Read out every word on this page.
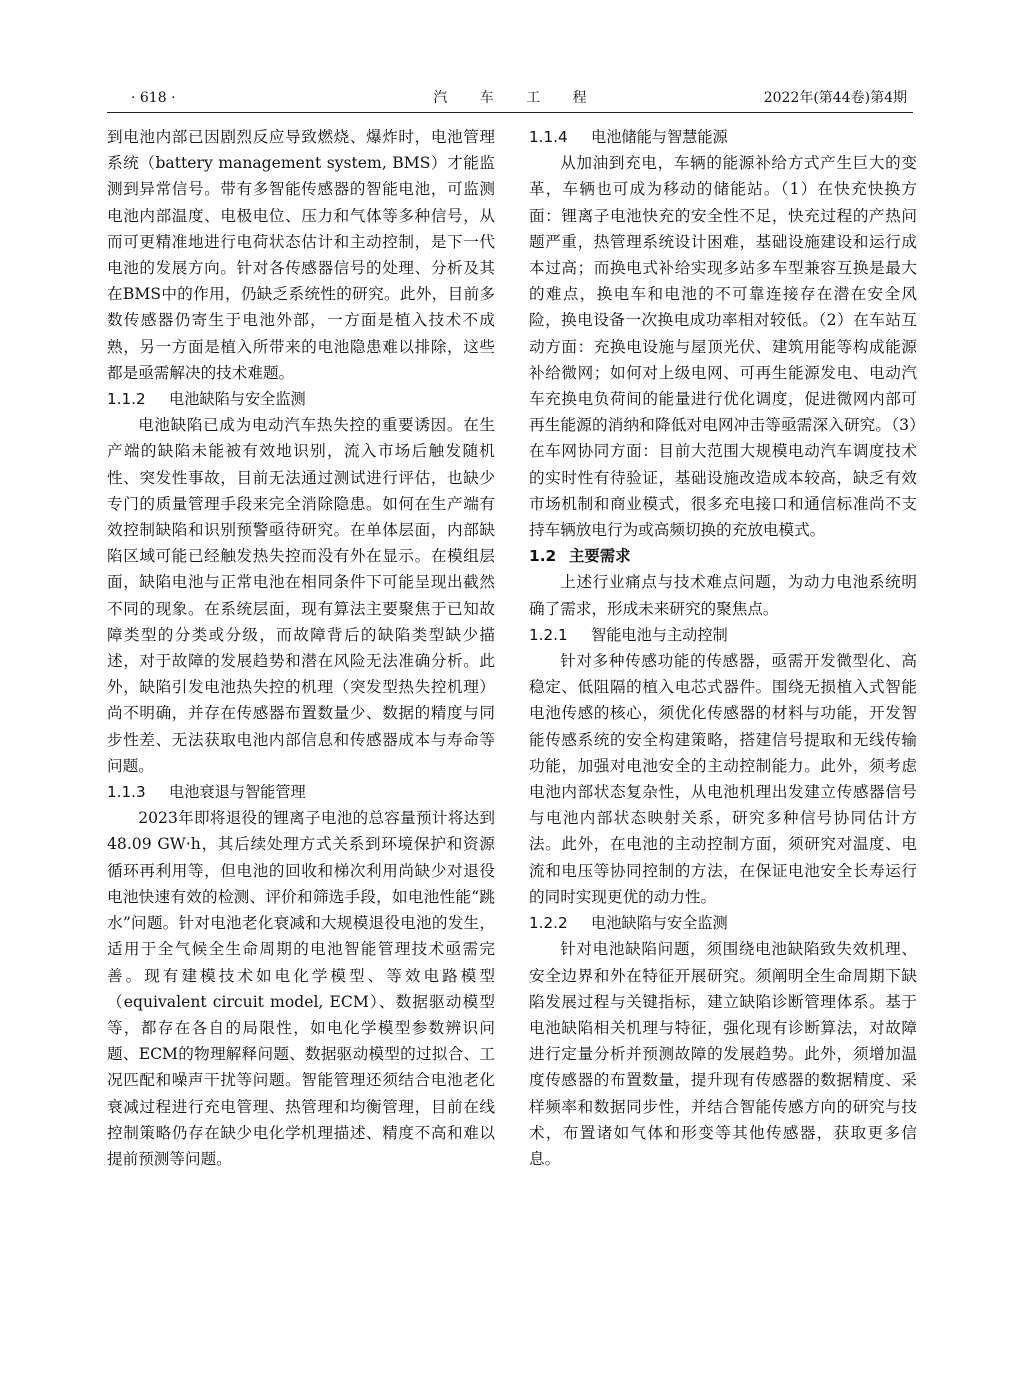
· 618 ·	汽 车 工 程	2022年(第44卷)第4期

到电池内部已因剧烈反应导致燃烧、爆炸时，电池管理系统（battery management system, BMS）才能监测到异常信号。带有多智能传感器的智能电池，可监测电池内部温度、电极电位、压力和气体等多种信号，从而可更精准地进行电荷状态估计和主动控制，是下一代电池的发展方向。针对各传感器信号的处理、分析及其在BMS中的作用，仍缺乏系统性的研究。此外，目前多数传感器仍寄生于电池外部，一方面是植入技术不成熟，另一方面是植入所带来的电池隐患难以排除，这些都是亟需解决的技术难题。

1.1.2 电池缺陷与安全监测

电池缺陷已成为电动汽车热失控的重要诱因。在生产端的缺陷未能被有效地识别，流入市场后触发随机性、突发性事故，目前无法通过测试进行评估，也缺少专门的质量管理手段来完全消除隐患。如何在生产端有效控制缺陷和识别预警亟待研究。在单体层面，内部缺陷区域可能已经触发热失控而没有外在显示。在模组层面，缺陷电池与正常电池在相同条件下可能呈现出截然不同的现象。在系统层面，现有算法主要聚焦于已知故障类型的分类或分级，而故障背后的缺陷类型缺少描述，对于故障的发展趋势和潜在风险无法准确分析。此外，缺陷引发电池热失控的机理（突发型热失控机理）尚不明确，并存在传感器布置数量少、数据的精度与同步性差、无法获取电池内部信息和传感器成本与寿命等问题。

1.1.3 电池衰退与智能管理

2023年即将退役的锂离子电池的总容量预计将达到48.09 GW·h，其后续处理方式关系到环境保护和资源循环再利用等，但电池的回收和梯次利用尚缺少对退役电池快速有效的检测、评价和筛选手段，如电池性能“跳水”问题。针对电池老化衰减和大规模退役电池的发生，适用于全气候全生命周期的电池智能管理技术亟需完善。现有建模技术如电化学模型、等效电路模型（equivalent circuit model, ECM）、数据驱动模型等，都存在各自的局限性，如电化学模型参数辨识问题、ECM的物理解释问题、数据驱动模型的过拟合、工况匹配和噪声干扰等问题。智能管理还须结合电池老化衰减过程进行充电管理、热管理和均衡管理，目前在线控制策略仍存在缺少电化学机理描述、精度不高和难以提前预测等问题。

1.1.4 电池储能与智慧能源

从加油到充电，车辆的能源补给方式产生巨大的变革，车辆也可成为移动的储能站。（1）在快充快换方面：锂离子电池快充的安全性不足，快充过程的产热问题严重，热管理系统设计困难，基础设施建设和运行成本过高；而换电式补给实现多站多车型兼容互换是最大的难点，换电车和电池的不可靠连接存在潜在安全风险，换电设备一次换电成功率相对较低。（2）在车站互动方面：充换电设施与屋顶光伏、建筑用能等构成能源补给微网；如何对上级电网、可再生能源发电、电动汽车充换电负荷间的能量进行优化调度，促进微网内部可再生能源的消纳和降低对电网冲击等亟需深入研究。（3）在车网协同方面：目前大范围大规模电动汽车调度技术的实时性有待验证，基础设施改造成本较高，缺乏有效市场机制和商业模式，很多充电接口和通信标准尚不支持车辆放电行为或高频切换的充放电模式。

1.2 主要需求

上述行业痛点与技术难点问题，为动力电池系统明确了需求，形成未来研究的聚焦点。

1.2.1 智能电池与主动控制

针对多种传感功能的传感器，亟需开发微型化、高稳定、低阻隔的植入电芯式器件。围绕无损植入式智能电池传感的核心，须优化传感器的材料与功能，开发智能传感系统的安全构建策略，搭建信号提取和无线传输功能，加强对电池安全的主动控制能力。此外，须考虑电池内部状态复杂性，从电池机理出发建立传感器信号与电池内部状态映射关系，研究多种信号协同估计方法。此外，在电池的主动控制方面，须研究对温度、电流和电压等协同控制的方法，在保证电池安全长寿运行的同时实现更优的动力性。

1.2.2 电池缺陷与安全监测

针对电池缺陷问题，须围绕电池缺陷致失效机理、安全边界和外在特征开展研究。须阐明全生命周期下缺陷发展过程与关键指标，建立缺陷诊断管理体系。基于电池缺陷相关机理与特征，强化现有诊断算法，对故障进行定量分析并预测故障的发展趋势。此外，须增加温度传感器的布置数量，提升现有传感器的数据精度、采样频率和数据同步性，并结合智能传感方向的研究与技术，布置诸如气体和形变等其他传感器，获取更多信息。
